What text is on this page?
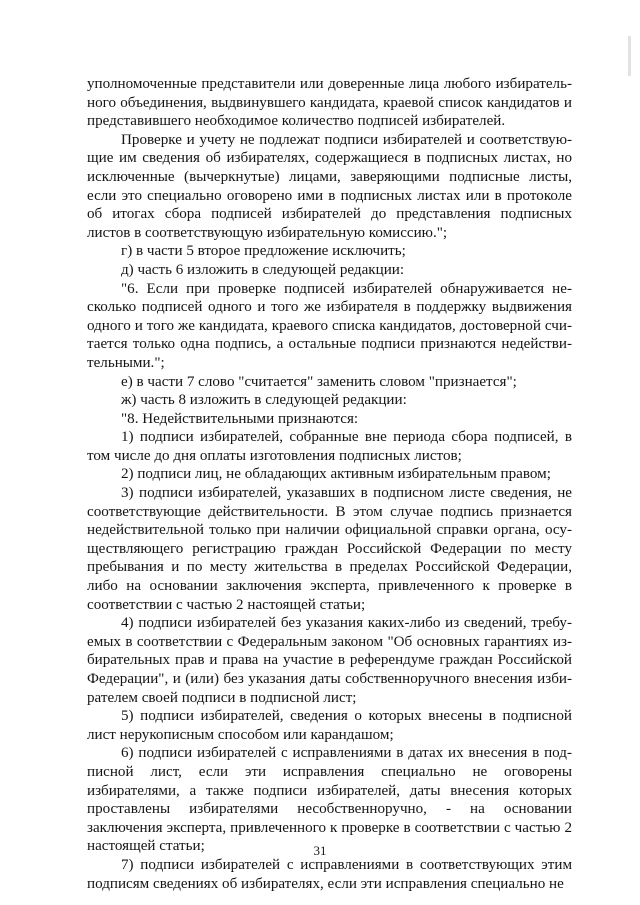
уполномоченные представители или доверенные лица любого избирательного объединения, выдвинувшего кандидата, краевой список кандидатов и представившего необходимое количество подписей избирателей.

Проверке и учету не подлежат подписи избирателей и соответствующие им сведения об избирателях, содержащиеся в подписных листах, но исключенные (вычеркнутые) лицами, заверяющими подписные листы, если это специально оговорено ими в подписных листах или в протоколе об итогах сбора подписей избирателей до представления подписных листов в соответствующую избирательную комиссию.";

г) в части 5 второе предложение исключить;

д) часть 6 изложить в следующей редакции:

"6. Если при проверке подписей избирателей обнаруживается несколько подписей одного и того же избирателя в поддержку выдвижения одного и того же кандидата, краевого списка кандидатов, достоверной считается только одна подпись, а остальные подписи признаются недействительными.";

е) в части 7 слово "считается" заменить словом "признается";

ж) часть 8 изложить в следующей редакции:

"8. Недействительными признаются:

1) подписи избирателей, собранные вне периода сбора подписей, в том числе до дня оплаты изготовления подписных листов;

2) подписи лиц, не обладающих активным избирательным правом;

3) подписи избирателей, указавших в подписном листе сведения, не соответствующие действительности. В этом случае подпись признается недействительной только при наличии официальной справки органа, осуществляющего регистрацию граждан Российской Федерации по месту пребывания и по месту жительства в пределах Российской Федерации, либо на основании заключения эксперта, привлеченного к проверке в соответствии с частью 2 настоящей статьи;

4) подписи избирателей без указания каких-либо из сведений, требуемых в соответствии с Федеральным законом "Об основных гарантиях избирательных прав и права на участие в референдуме граждан Российской Федерации", и (или) без указания даты собственноручного внесения избирателем своей подписи в подписной лист;

5) подписи избирателей, сведения о которых внесены в подписной лист нерукописным способом или карандашом;

6) подписи избирателей с исправлениями в датах их внесения в подписной лист, если эти исправления специально не оговорены избирателями, а также подписи избирателей, даты внесения которых проставлены избирателями несобственноручно, - на основании заключения эксперта, привлеченного к проверке в соответствии с частью 2 настоящей статьи;

7) подписи избирателей с исправлениями в соответствующих этим подписям сведениях об избирателях, если эти исправления специально не

31
